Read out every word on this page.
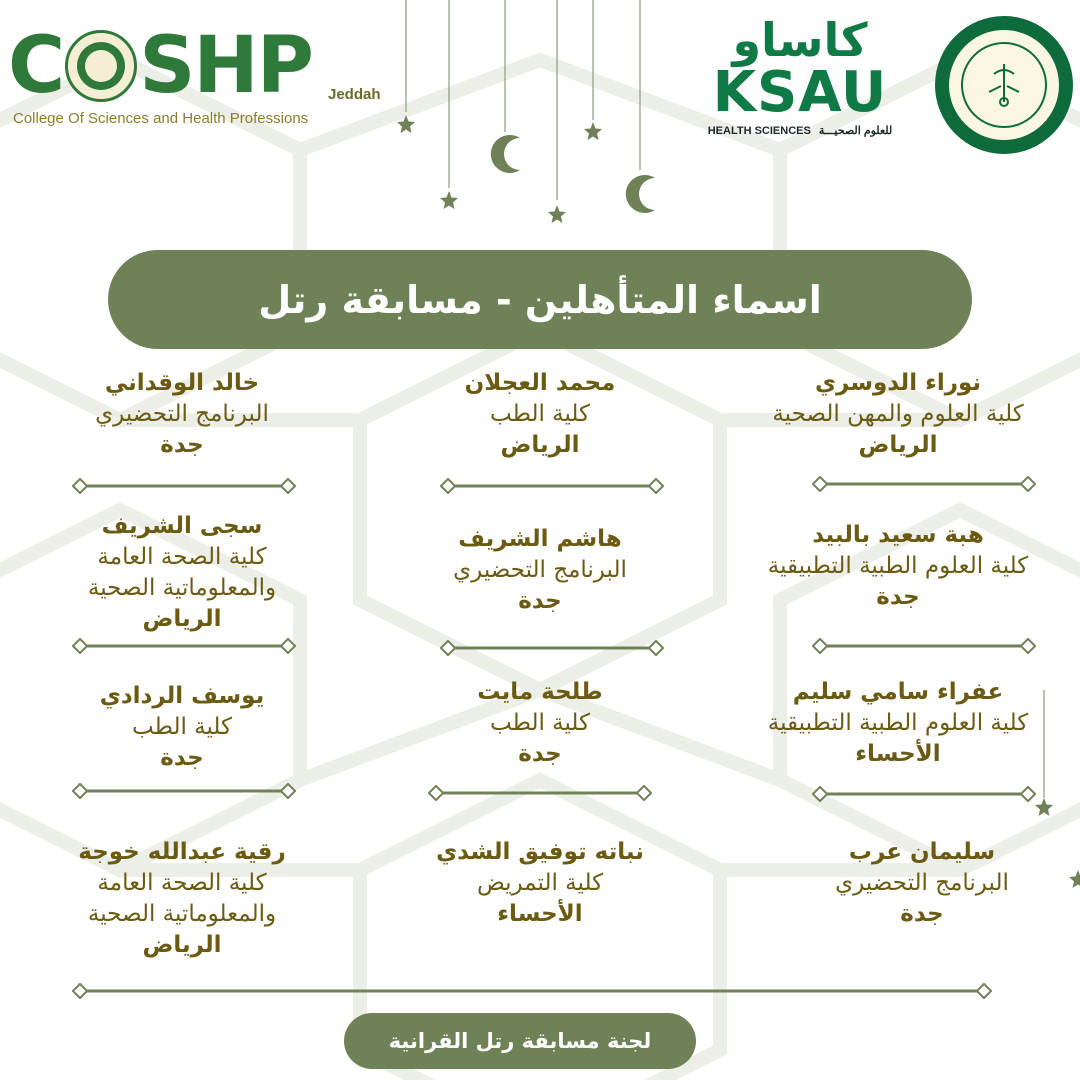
C SHP Jeddah
College Of Sciences and Health Professions
كاساو
KSAU
HEALTH SCIENCES للعلوم الصحيـــة
اسماء المتأهلين - مسابقة رتل
نوراء الدوسري
كلية العلوم والمهن الصحية
الرياض
محمد العجلان
كلية الطب
الرياض
خالد الوقداني
البرنامج التحضيري
جدة
هبة سعيد بالبيد
كلية العلوم الطبية التطبيقية
جدة
هاشم الشريف
البرنامج التحضيري
جدة
سجى الشريف
كلية الصحة العامة
والمعلوماتية الصحية
الرياض
عفراء سامي سليم
كلية العلوم الطبية التطبيقية
الأحساء
طلحة مايت
كلية الطب
جدة
يوسف الردادي
كلية الطب
جدة
سليمان عرب
البرنامج التحضيري
جدة
نباته توفيق الشدي
كلية التمريض
الأحساء
رقية عبدالله خوجة
كلية الصحة العامة
والمعلوماتية الصحية
الرياض
لجنة مسابقة رتل القرانية
